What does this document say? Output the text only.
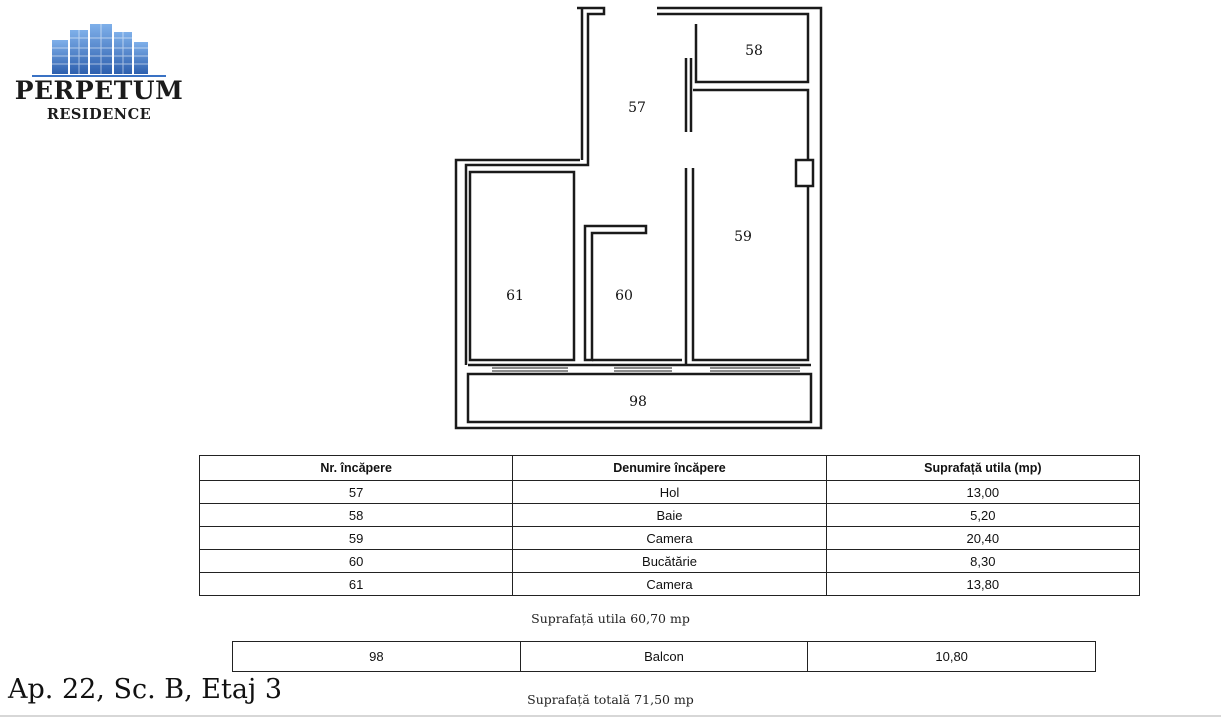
PERPETUM
RESIDENCE	57
58
59
60
61
98
Nr. încăpere	Denumire încăpere	Suprafață utila (mp)
57	Hol	13,00
58	Baie	5,20
59	Camera	20,40
60	Bucătărie	8,30
61	Camera	13,80
Suprafață utila 60,70 mp
98	Balcon	10,80
Ap. 22, Sc. B, Etaj 3	Suprafață totală 71,50 mp
